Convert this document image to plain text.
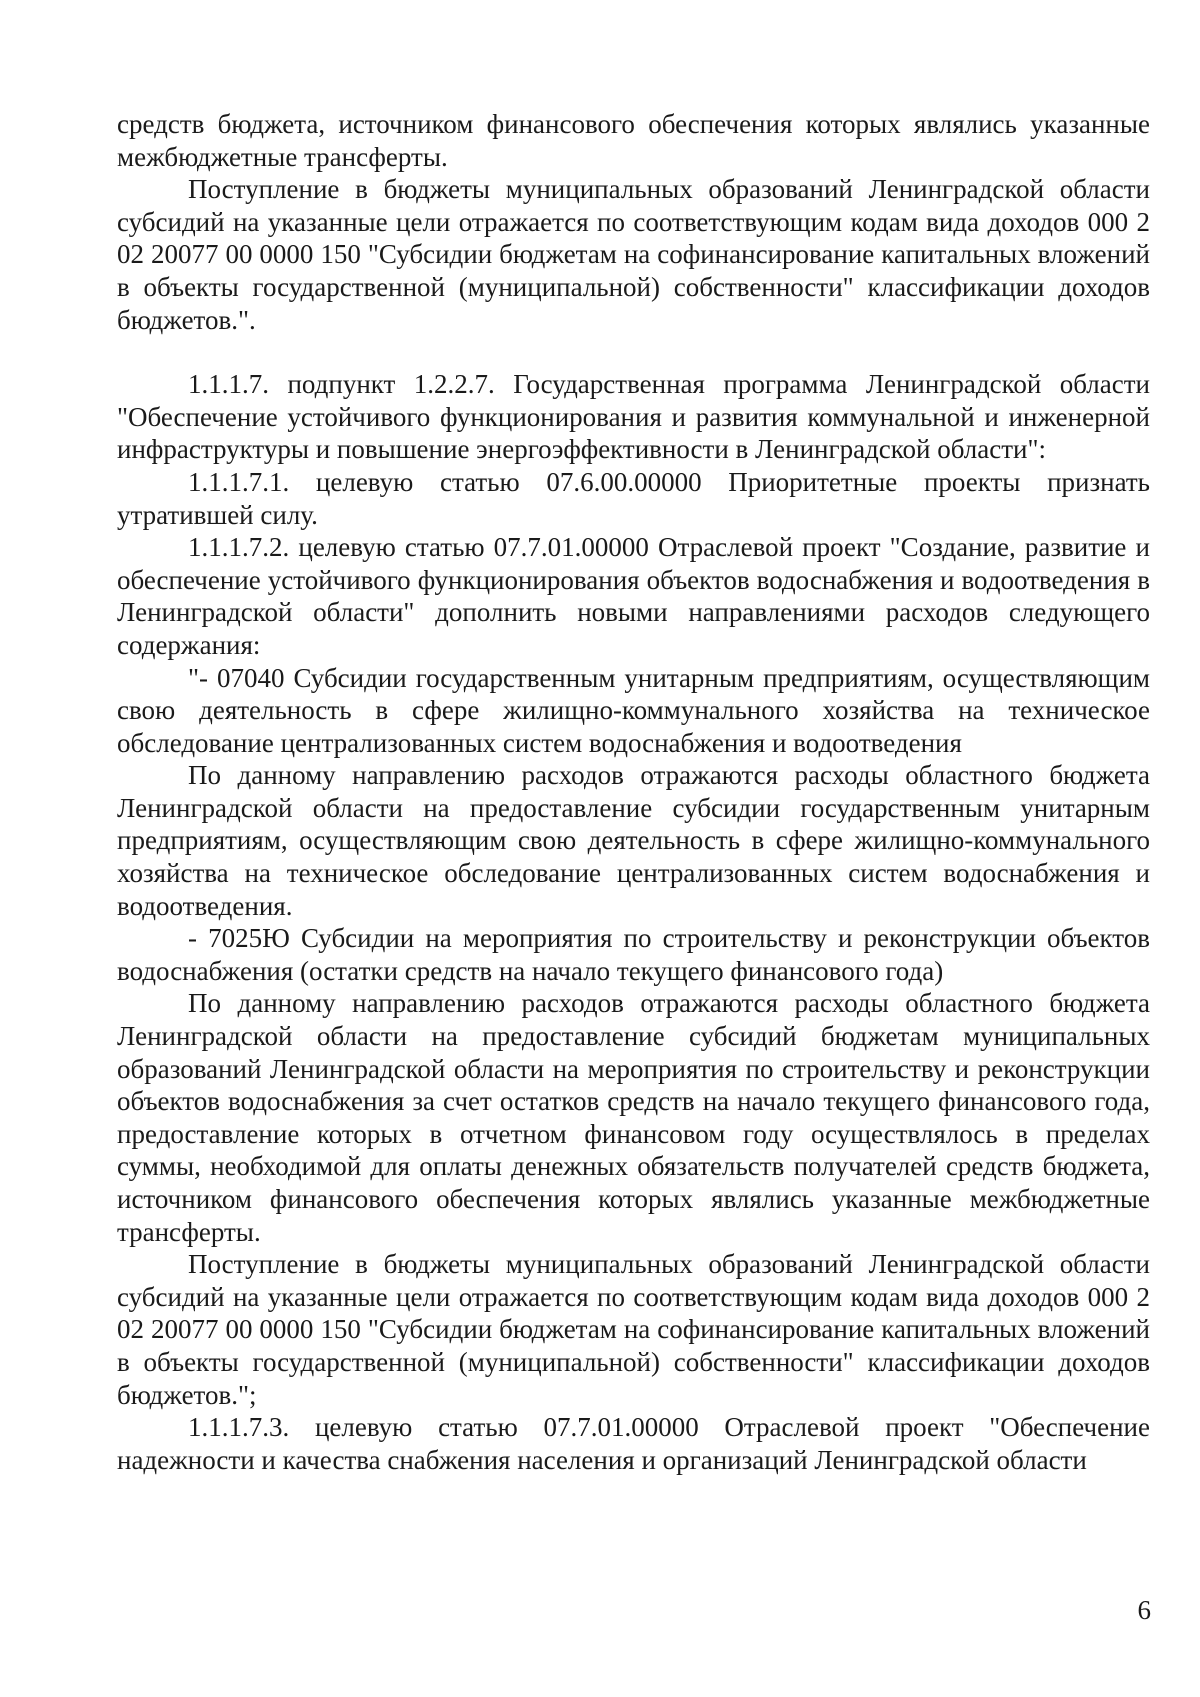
средств бюджета, источником финансового обеспечения которых являлись указанные межбюджетные трансферты.

Поступление в бюджеты муниципальных образований Ленинградской области субсидий на указанные цели отражается по соответствующим кодам вида доходов 000 2 02 20077 00 0000 150 "Субсидии бюджетам на софинансирование капитальных вложений в объекты государственной (муниципальной) собственности" классификации доходов бюджетов.".

1.1.1.7. подпункт 1.2.2.7. Государственная программа Ленинградской области "Обеспечение устойчивого функционирования и развития коммунальной и инженерной инфраструктуры и повышение энергоэффективности в Ленинградской области":

1.1.1.7.1. целевую статью 07.6.00.00000 Приоритетные проекты признать утратившей силу.

1.1.1.7.2. целевую статью 07.7.01.00000 Отраслевой проект "Создание, развитие и обеспечение устойчивого функционирования объектов водоснабжения и водоотведения в Ленинградской области" дополнить новыми направлениями расходов следующего содержания:

"- 07040 Субсидии государственным унитарным предприятиям, осуществляющим свою деятельность в сфере жилищно-коммунального хозяйства на техническое обследование централизованных систем водоснабжения и водоотведения

По данному направлению расходов отражаются расходы областного бюджета Ленинградской области на предоставление субсидии государственным унитарным предприятиям, осуществляющим свою деятельность в сфере жилищно-коммунального хозяйства на техническое обследование централизованных систем водоснабжения и водоотведения.

- 7025Ю Субсидии на мероприятия по строительству и реконструкции объектов водоснабжения (остатки средств на начало текущего финансового года)

По данному направлению расходов отражаются расходы областного бюджета Ленинградской области на предоставление субсидий бюджетам муниципальных образований Ленинградской области на мероприятия по строительству и реконструкции объектов водоснабжения за счет остатков средств на начало текущего финансового года, предоставление которых в отчетном финансовом году осуществлялось в пределах суммы, необходимой для оплаты денежных обязательств получателей средств бюджета, источником финансового обеспечения которых являлись указанные межбюджетные трансферты.

Поступление в бюджеты муниципальных образований Ленинградской области субсидий на указанные цели отражается по соответствующим кодам вида доходов 000 2 02 20077 00 0000 150 "Субсидии бюджетам на софинансирование капитальных вложений в объекты государственной (муниципальной) собственности" классификации доходов бюджетов.";

1.1.1.7.3. целевую статью 07.7.01.00000 Отраслевой проект "Обеспечение надежности и качества снабжения населения и организаций Ленинградской области

6
